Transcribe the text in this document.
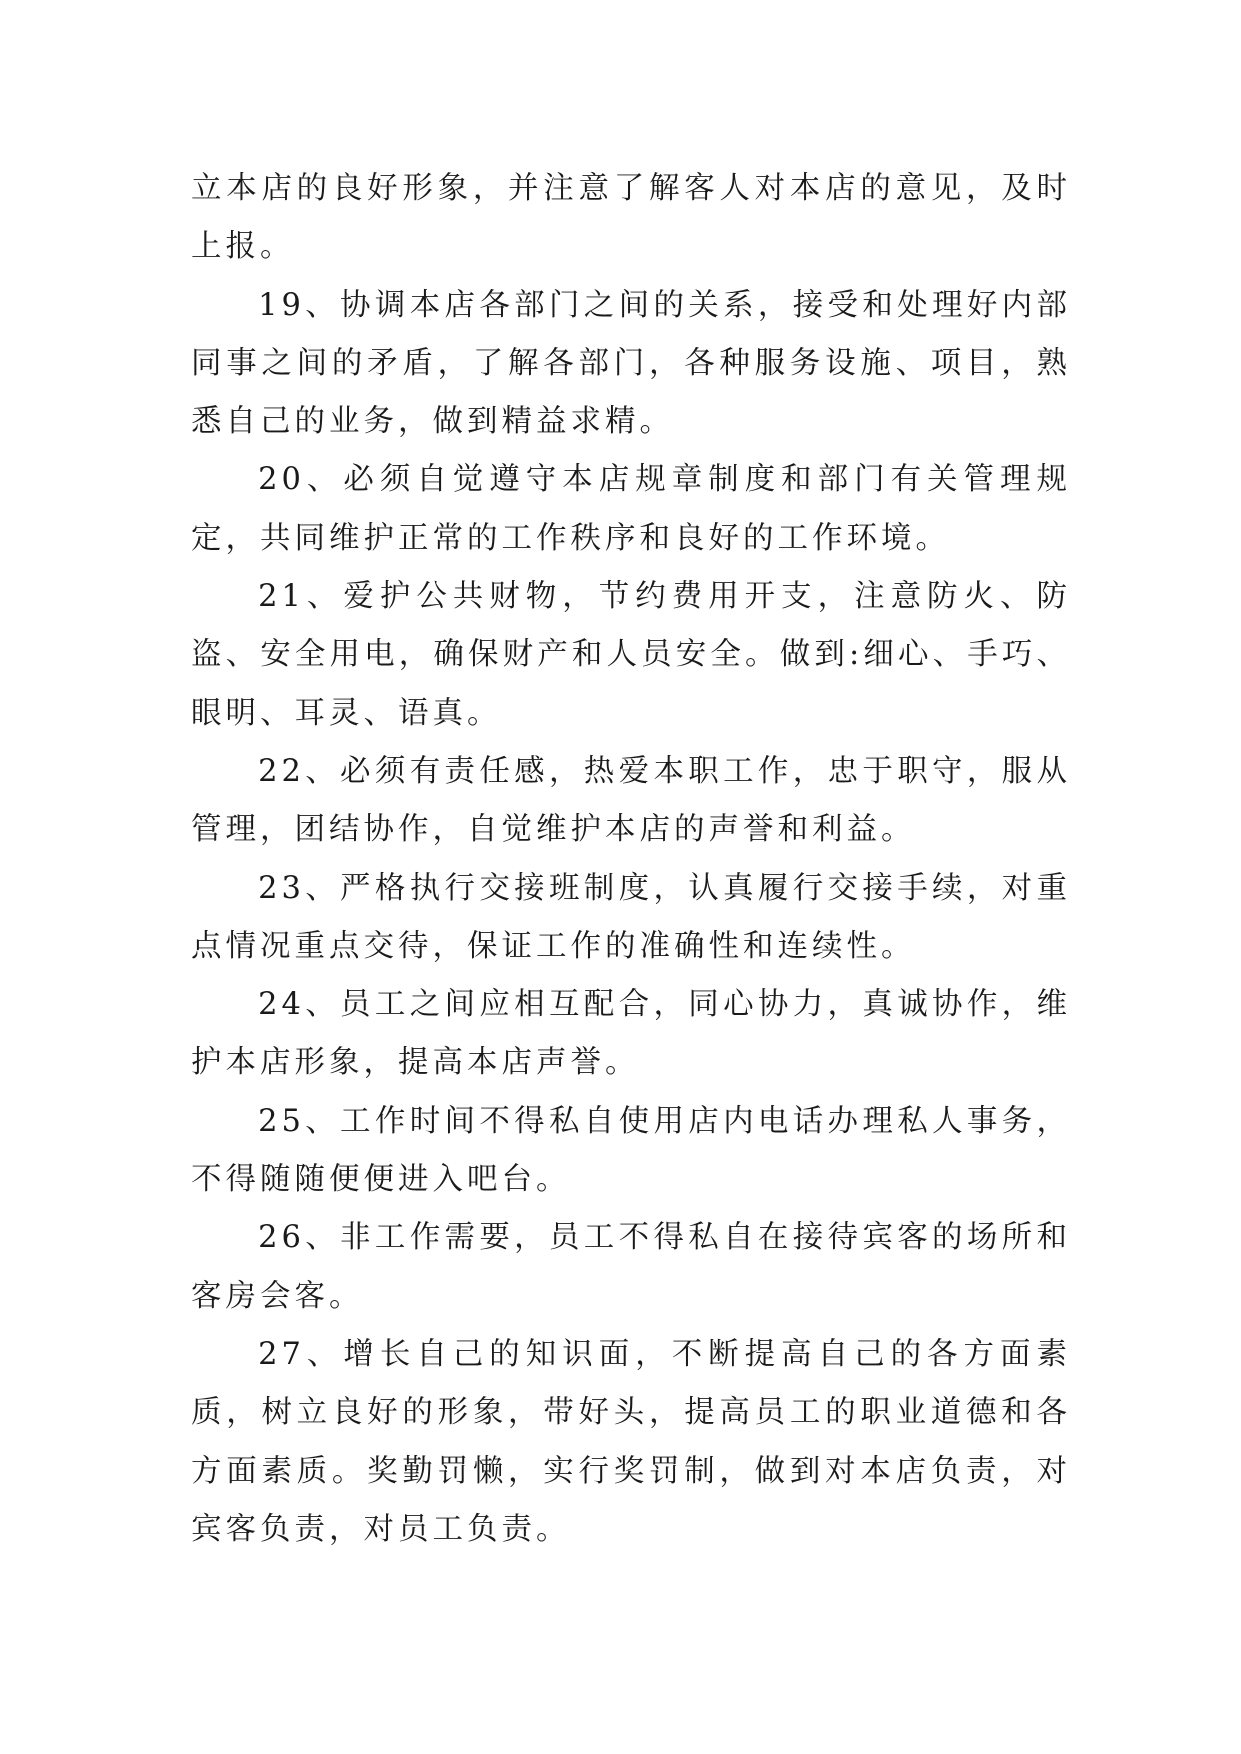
立本店的良好形象，并注意了解客人对本店的意见，及时上报。

19、协调本店各部门之间的关系，接受和处理好内部同事之间的矛盾，了解各部门，各种服务设施、项目，熟悉自己的业务，做到精益求精。

20、必须自觉遵守本店规章制度和部门有关管理规定，共同维护正常的工作秩序和良好的工作环境。

21、爱护公共财物，节约费用开支，注意防火、防盗、安全用电，确保财产和人员安全。做到:细心、手巧、眼明、耳灵、语真。

22、必须有责任感，热爱本职工作，忠于职守，服从管理，团结协作，自觉维护本店的声誉和利益。

23、严格执行交接班制度，认真履行交接手续，对重点情况重点交待，保证工作的准确性和连续性。

24、员工之间应相互配合，同心协力，真诚协作，维护本店形象，提高本店声誉。

25、工作时间不得私自使用店内电话办理私人事务，不得随随便便进入吧台。

26、非工作需要，员工不得私自在接待宾客的场所和客房会客。

27、增长自己的知识面，不断提高自己的各方面素质，树立良好的形象，带好头，提高员工的职业道德和各方面素质。奖勤罚懒，实行奖罚制，做到对本店负责，对宾客负责，对员工负责。
